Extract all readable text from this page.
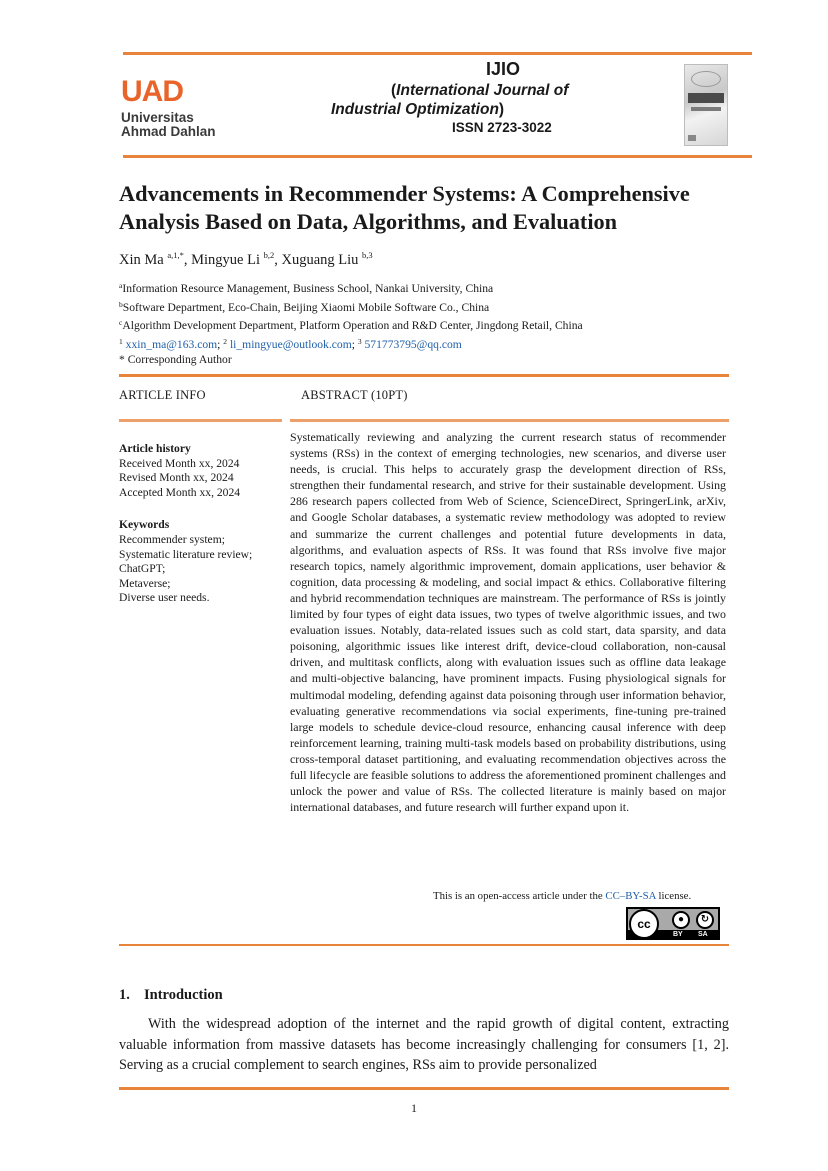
UAD
Universitas
Ahmad Dahlan
IJIO
(International Journal of
Industrial Optimization)
ISSN 2723-3022
Advancements in Recommender Systems: A Comprehensive Analysis Based on Data, Algorithms, and Evaluation
Xin Ma $^{a,1,*}$, Mingyue Li $^{b,2}$, Xuguang Liu $^{b,3}$
$^a$Information Resource Management, Business School, Nankai University, China
$^b$Software Department, Eco-Chain, Beijing Xiaomi Mobile Software Co., China
$^c$Algorithm Development Department, Platform Operation and R&D Center, Jingdong Retail, China
$^1$ xxin_ma@163.com; $^2$ li_mingyue@outlook.com; $^3$ 571773795@qq.com
* Corresponding Author
ARTICLE INFO	ABSTRACT (10PT)
Article history
Received Month xx, 2024
Revised Month xx, 2024
Accepted Month xx, 2024
Keywords
Recommender system;
Systematic literature review;
ChatGPT;
Metaverse;
Diverse user needs.
Systematically reviewing and analyzing the current research status of recommender systems (RSs) in the context of emerging technologies, new scenarios, and diverse user needs, is crucial. This helps to accurately grasp the development direction of RSs, strengthen their fundamental research, and strive for their sustainable development. Using 286 research papers collected from Web of Science, ScienceDirect, SpringerLink, arXiv, and Google Scholar databases, a systematic review methodology was adopted to review and summarize the current challenges and potential future developments in data, algorithms, and evaluation aspects of RSs. It was found that RSs involve five major research topics, namely algorithmic improvement, domain applications, user behavior & cognition, data processing & modeling, and social impact & ethics. Collaborative filtering and hybrid recommendation techniques are mainstream. The performance of RSs is jointly limited by four types of eight data issues, two types of twelve algorithmic issues, and two evaluation issues. Notably, data-related issues such as cold start, data sparsity, and data poisoning, algorithmic issues like interest drift, device-cloud collaboration, non-causal driven, and multitask conflicts, along with evaluation issues such as offline data leakage and multi-objective balancing, have prominent impacts. Fusing physiological signals for multimodal modeling, defending against data poisoning through user information behavior, evaluating generative recommendations via social experiments, fine-tuning pre-trained large models to schedule device-cloud resource, enhancing causal inference with deep reinforcement learning, training multi-task models based on probability distributions, using cross-temporal dataset partitioning, and evaluating recommendation objectives across the full lifecycle are feasible solutions to address the aforementioned prominent challenges and unlock the power and value of RSs. The collected literature is mainly based on major international databases, and future research will further expand upon it.
This is an open-access article under the CC–BY-SA license.
cc	●	↻
BY SA
1. Introduction
With the widespread adoption of the internet and the rapid growth of digital content, extracting valuable information from massive datasets has become increasingly challenging for consumers [1, 2]. Serving as a crucial complement to search engines, RSs aim to provide personalized
1
